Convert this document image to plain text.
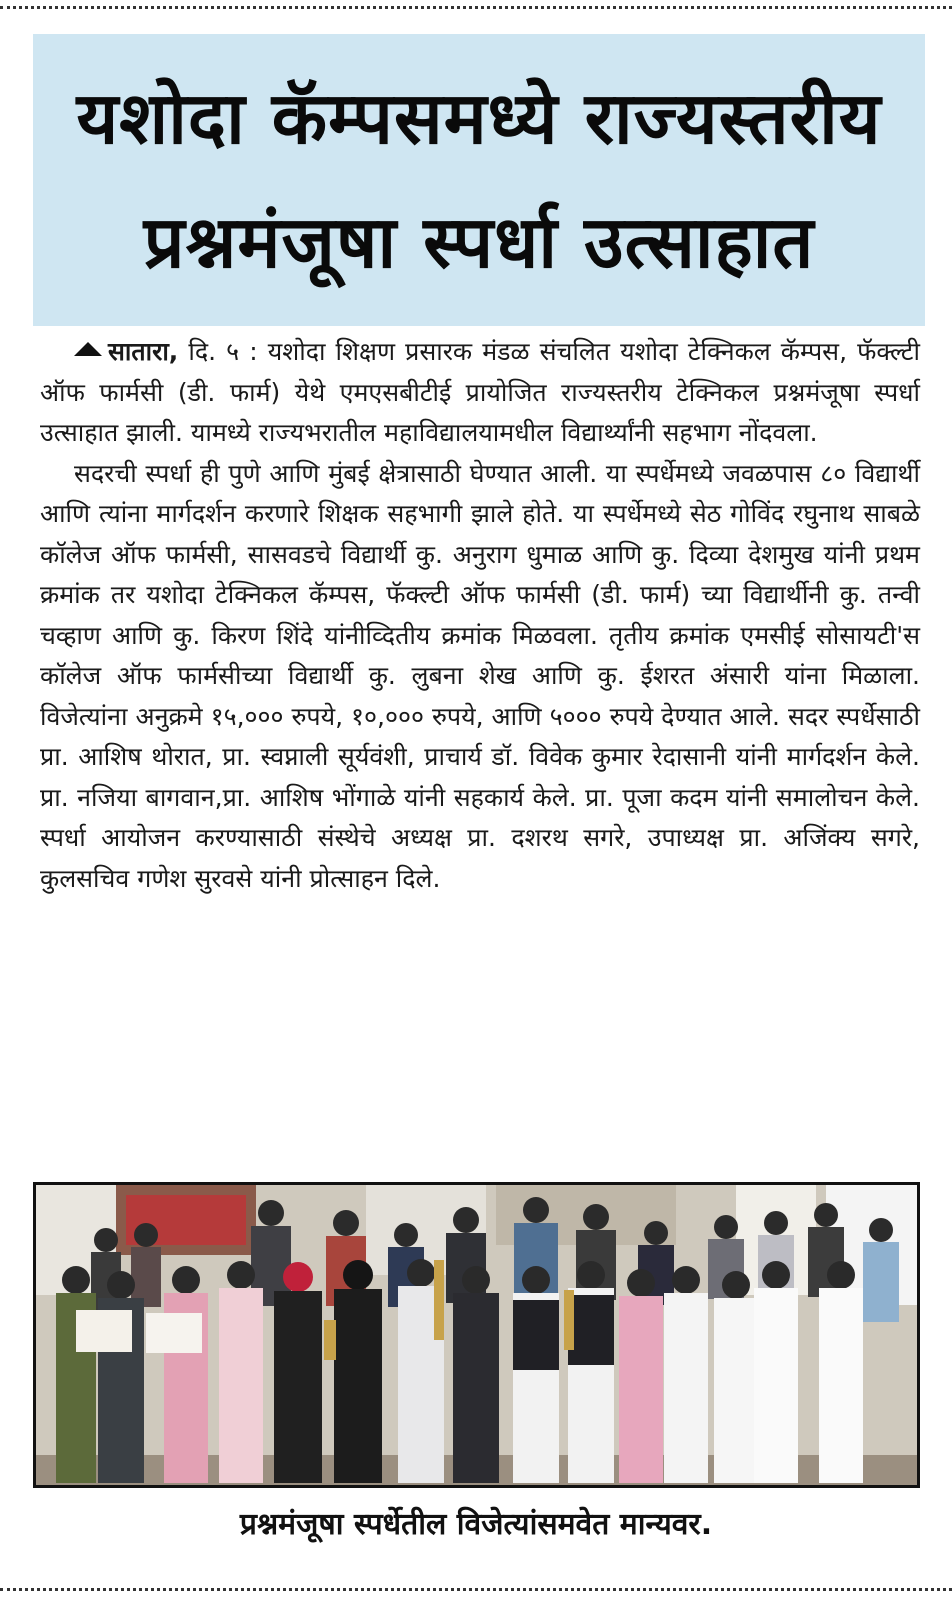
यशोदा कॅम्पसमध्ये राज्यस्तरीय
प्रश्नमंजूषा स्पर्धा उत्साहात

सातारा, दि. ५ : यशोदा शिक्षण प्रसारक मंडळ संचलित यशोदा टेक्निकल कॅम्पस, फॅक्ल्टी ऑफ फार्मसी (डी. फार्म) येथे एमएसबीटीई प्रायोजित राज्यस्तरीय टेक्निकल प्रश्नमंजूषा स्पर्धा उत्साहात झाली. यामध्ये राज्यभरातील महाविद्यालयामधील विद्यार्थ्यांनी सहभाग नोंदवला.

सदरची स्पर्धा ही पुणे आणि मुंबई क्षेत्रासाठी घेण्यात आली. या स्पर्धेमध्ये जवळपास ८० विद्यार्थी आणि त्यांना मार्गदर्शन करणारे शिक्षक सहभागी झाले होते. या स्पर्धेमध्ये सेठ गोविंद रघुनाथ साबळे कॉलेज ऑफ फार्मसी, सासवडचे विद्यार्थी कु. अनुराग धुमाळ आणि कु. दिव्या देशमुख यांनी प्रथम क्रमांक तर यशोदा टेक्निकल कॅम्पस, फॅक्ल्टी ऑफ फार्मसी (डी. फार्म) च्या विद्यार्थीनी कु. तन्वी चव्हाण आणि कु. किरण शिंदे यांनीव्दितीय क्रमांक मिळवला. तृतीय क्रमांक एमसीई सोसायटी'स कॉलेज ऑफ फार्मसीच्या विद्यार्थी कु. लुबना शेख आणि कु. ईशरत अंसारी यांना मिळाला. विजेत्यांना अनुक्रमे १५,००० रुपये, १०,००० रुपये, आणि ५००० रुपये देण्यात आले. सदर स्पर्धेसाठी प्रा. आशिष थोरात, प्रा. स्वप्नाली सूर्यवंशी, प्राचार्य डॉ. विवेक कुमार रेदासानी यांनी मार्गदर्शन केले. प्रा. नजिया बागवान,प्रा. आशिष भोंगाळे यांनी सहकार्य केले. प्रा. पूजा कदम यांनी समालोचन केले. स्पर्धा आयोजन करण्यासाठी संस्थेचे अध्यक्ष प्रा. दशरथ सगरे, उपाध्यक्ष प्रा. अजिंक्य सगरे, कुलसचिव गणेश सुरवसे यांनी प्रोत्साहन दिले.

प्रश्नमंजूषा स्पर्धेतील विजेत्यांसमवेत मान्यवर.
